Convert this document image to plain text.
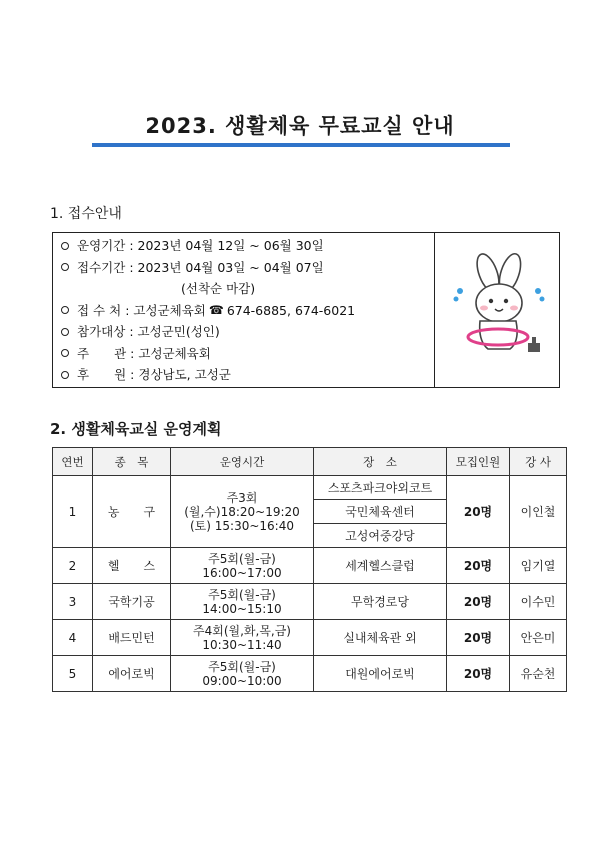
2023. 생활체육 무료교실 안내
1. 접수안내
운영기간 : 2023년 04월 12일 ~ 06월 30일
접수기간 : 2023년 04월 03일 ~ 04월 07일
(선착순 마감)
접 수 처 : 고성군체육회 ☎ 674-6885, 674-6021
참가대상 : 고성군민(성인)
주　　관 : 고성군체육회
후　　원 : 경상남도, 고성군
2. 생활체육교실 운영계획
연번	종　목	운영시간	장　소	모집인원	강 사
1	농　　구	주3회
(월,수)18:20~19:20
(토) 15:30~16:40	스포츠파크야외코트	20명	이인철
			국민체육센터		
			고성여중강당		
2	헬　　스	주5회(월-금)
16:00~17:00	세계헬스클럽	20명	임기열
3	국학기공	주5회(월-금)
14:00~15:10	무학경로당	20명	이수민
4	배드민턴	주4회(월,화,목,금)
10:30~11:40	실내체육관 외	20명	안은미
5	에어로빅	주5회(월-금)
09:00~10:00	대원에어로빅	20명	유순천
